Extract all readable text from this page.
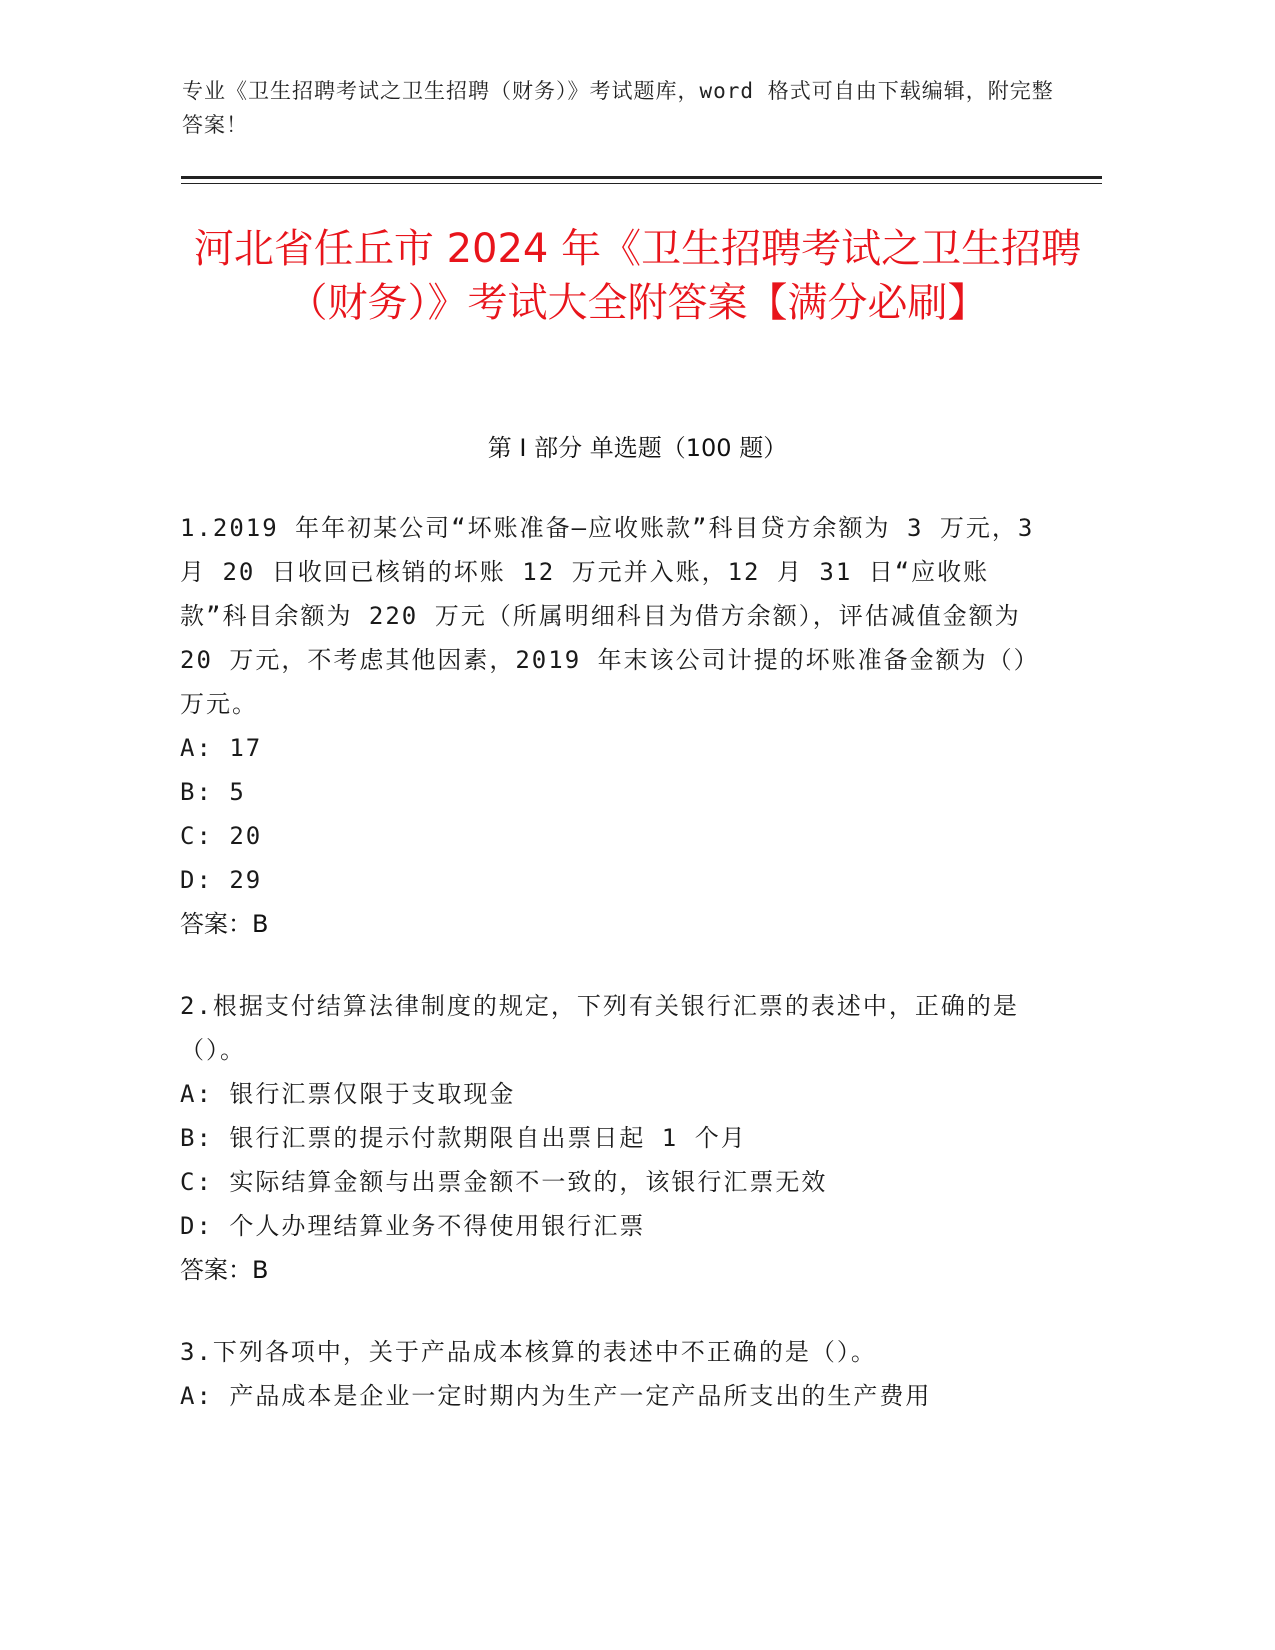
专业《卫生招聘考试之卫生招聘（财务）》考试题库，word 格式可自由下载编辑，附完整答案！
河北省任丘市 2024 年《卫生招聘考试之卫生招聘（财务）》考试大全附答案【满分必刷】
第 I 部分 单选题（100 题）
1.2019 年年初某公司“坏账准备—应收账款”科目贷方余额为 3 万元，3 月 20 日收回已核销的坏账 12 万元并入账，12 月 31 日“应收账款”科目余额为 220 万元（所属明细科目为借方余额），评估减值金额为 20 万元，不考虑其他因素，2019 年末该公司计提的坏账准备金额为（）万元。
A: 17
B: 5
C: 20
D: 29
答案：B
2.根据支付结算法律制度的规定，下列有关银行汇票的表述中，正确的是（）。
A: 银行汇票仅限于支取现金
B: 银行汇票的提示付款期限自出票日起 1 个月
C: 实际结算金额与出票金额不一致的，该银行汇票无效
D: 个人办理结算业务不得使用银行汇票
答案：B
3.下列各项中，关于产品成本核算的表述中不正确的是（）。
A: 产品成本是企业一定时期内为生产一定产品所支出的生产费用
